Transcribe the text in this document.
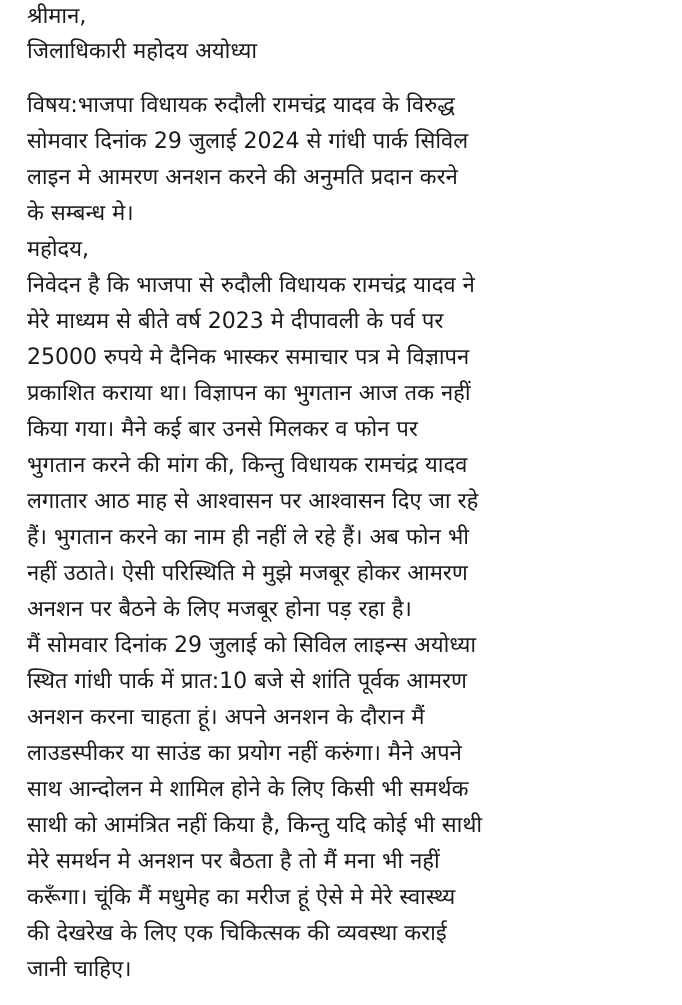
श्रीमान,
जिलाधिकारी महोदय अयोध्या
विषय:भाजपा विधायक रुदौली रामचंद्र यादव के विरुद्ध
सोमवार दिनांक 29 जुलाई 2024 से गांधी पार्क सिविल
लाइन मे आमरण अनशन करने की अनुमति प्रदान करने
के सम्बन्ध मे।
महोदय,
निवेदन है कि भाजपा से रुदौली विधायक रामचंद्र यादव ने
मेरे माध्यम से बीते वर्ष 2023 मे दीपावली के पर्व पर
25000 रुपये मे दैनिक भास्कर समाचार पत्र मे विज्ञापन
प्रकाशित कराया था। विज्ञापन का भुगतान आज तक नहीं
किया गया। मैने कई बार उनसे मिलकर व फोन पर
भुगतान करने की मांग की, किन्तु विधायक रामचंद्र यादव
लगातार आठ माह से आश्वासन पर आश्वासन दिए जा रहे
हैं। भुगतान करने का नाम ही नहीं ले रहे हैं। अब फोन भी
नहीं उठाते। ऐसी परिस्थिति मे मुझे मजबूर होकर आमरण
अनशन पर बैठने के लिए मजबूर होना पड़ रहा है।
मैं सोमवार दिनांक 29 जुलाई को सिविल लाइन्स अयोध्या
स्थित गांधी पार्क में प्रात:10 बजे से शांति पूर्वक आमरण
अनशन करना चाहता हूं। अपने अनशन के दौरान मैं
लाउडस्पीकर या साउंड का प्रयोग नहीं करुंगा। मैने अपने
साथ आन्दोलन मे शामिल होने के लिए किसी भी समर्थक
साथी को आमंत्रित नहीं किया है, किन्तु यदि कोई भी साथी
मेरे समर्थन मे अनशन पर बैठता है तो मैं मना भी नहीं
करूँगा। चूंकि मैं मधुमेह का मरीज हूं ऐसे मे मेरे स्वास्थ्य
की देखरेख के लिए एक चिकित्सक की व्यवस्था कराई
जानी चाहिए।
